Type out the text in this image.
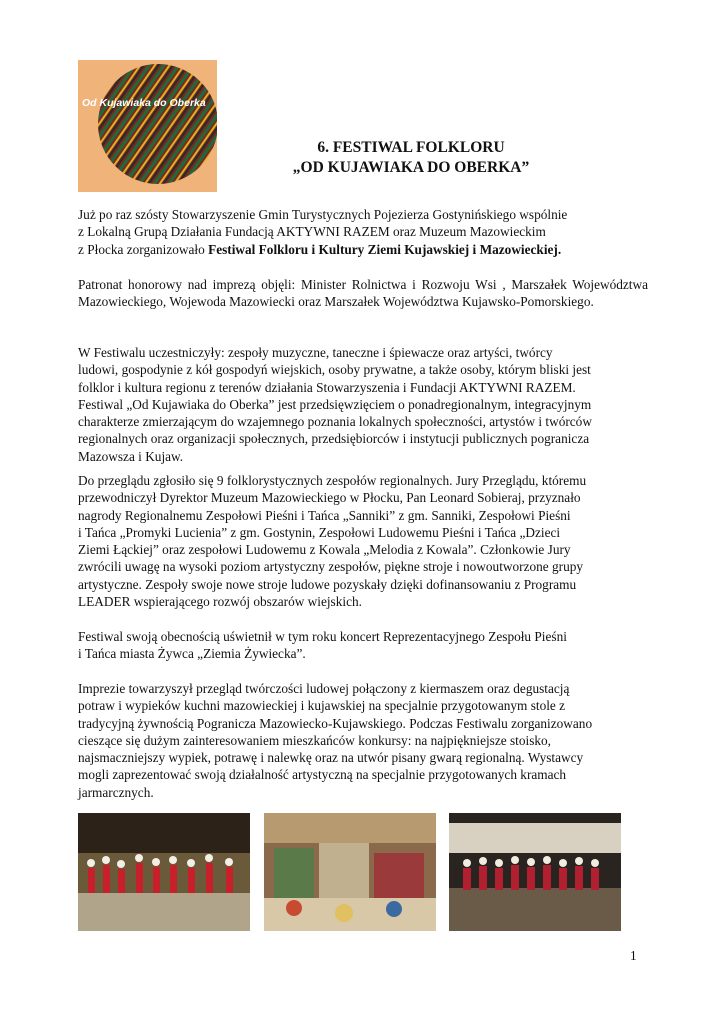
Od Kujawiaka do Oberka
6. FESTIWAL FOLKLORU
„OD KUJAWIAKA DO OBERKA”
Już po raz szósty Stowarzyszenie Gmin Turystycznych Pojezierza Gostynińskiego wspólnie
z Lokalną Grupą Działania Fundacją AKTYWNI RAZEM oraz Muzeum Mazowieckim
z Płocka zorganizowało Festiwal Folkloru i Kultury Ziemi Kujawskiej i Mazowieckiej.
Patronat honorowy nad imprezą objęli: Minister Rolnictwa i Rozwoju Wsi , Marszałek Województwa Mazowieckiego, Wojewoda Mazowiecki oraz Marszałek Województwa Kujawsko-Pomorskiego.
W Festiwalu uczestniczyły: zespoły muzyczne, taneczne i śpiewacze oraz artyści, twórcy
ludowi, gospodynie z kół gospodyń wiejskich, osoby prywatne, a także osoby, którym bliski jest
folklor i kultura regionu z terenów działania Stowarzyszenia i Fundacji AKTYWNI RAZEM.
Festiwal „Od Kujawiaka do Oberka” jest przedsięwzięciem o ponadregionalnym, integracyjnym
charakterze zmierzającym do wzajemnego poznania lokalnych społeczności, artystów i twórców
regionalnych oraz organizacji społecznych, przedsiębiorców i instytucji publicznych pogranicza
Mazowsza i Kujaw.
Do przeglądu zgłosiło się 9 folklorystycznych zespołów regionalnych. Jury Przeglądu, któremu
przewodniczył Dyrektor Muzeum Mazowieckiego w Płocku, Pan Leonard Sobieraj, przyznało
nagrody Regionalnemu Zespołowi Pieśni i Tańca „Sanniki” z gm. Sanniki, Zespołowi Pieśni
i Tańca „Promyki Lucienia” z gm. Gostynin, Zespołowi Ludowemu Pieśni i Tańca „Dzieci
Ziemi Łąckiej” oraz zespołowi Ludowemu z Kowala „Melodia z Kowala”. Członkowie Jury
zwrócili uwagę na wysoki poziom artystyczny zespołów, piękne stroje i nowoutworzone grupy
artystyczne. Zespoły swoje nowe stroje ludowe pozyskały dzięki dofinansowaniu z Programu
LEADER wspierającego rozwój obszarów wiejskich.
Festiwal swoją obecnością uświetnił w tym roku koncert Reprezentacyjnego Zespołu Pieśni
i Tańca miasta Żywca „Ziemia Żywiecka”.
Imprezie towarzyszył przegląd twórczości ludowej połączony z kiermaszem oraz degustacją
potraw i wypieków kuchni mazowieckiej i kujawskiej na specjalnie przygotowanym stole z
tradycyjną żywnością Pogranicza Mazowiecko-Kujawskiego. Podczas Festiwalu zorganizowano
cieszące się dużym zainteresowaniem mieszkańców konkursy: na najpiękniejsze stoisko,
najsmaczniejszy wypiek, potrawę i nalewkę oraz na utwór pisany gwarą regionalną. Wystawcy
mogli zaprezentować swoją działalność artystyczną na specjalnie przygotowanych kramach
jarmarcznych.
1
